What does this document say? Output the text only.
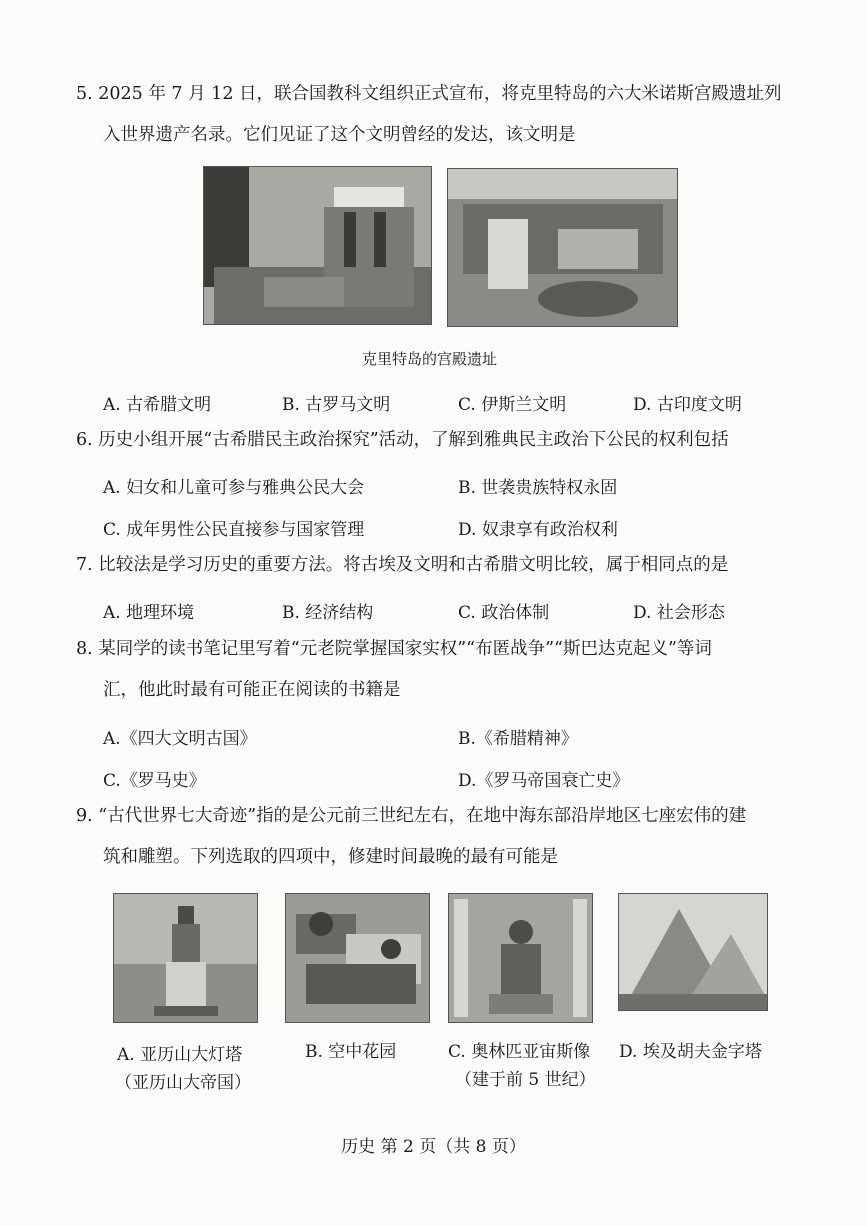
5. 2025 年 7 月 12 日，联合国教科文组织正式宣布，将克里特岛的六大米诺斯宫殿遗址列
入世界遗产名录。它们见证了这个文明曾经的发达，该文明是
克里特岛的宫殿遗址
A. 古希腊文明	B. 古罗马文明	C. 伊斯兰文明	D. 古印度文明
6. 历史小组开展“古希腊民主政治探究”活动，了解到雅典民主政治下公民的权利包括
A. 妇女和儿童可参与雅典公民大会	B. 世袭贵族特权永固
C. 成年男性公民直接参与国家管理	D. 奴隶享有政治权利
7. 比较法是学习历史的重要方法。将古埃及文明和古希腊文明比较，属于相同点的是
A. 地理环境	B. 经济结构	C. 政治体制	D. 社会形态
8. 某同学的读书笔记里写着“元老院掌握国家实权”“布匿战争”“斯巴达克起义”等词
汇，他此时最有可能正在阅读的书籍是
A.《四大文明古国》	B.《希腊精神》
C.《罗马史》	D.《罗马帝国衰亡史》
9. “古代世界七大奇迹”指的是公元前三世纪左右，在地中海东部沿岸地区七座宏伟的建
筑和雕塑。下列选取的四项中，修建时间最晚的最有可能是
A. 亚历山大灯塔
（亚历山大帝国）
B. 空中花园	C. 奥林匹亚宙斯像
（建于前 5 世纪）
D. 埃及胡夫金字塔
历史 第 2 页（共 8 页）
